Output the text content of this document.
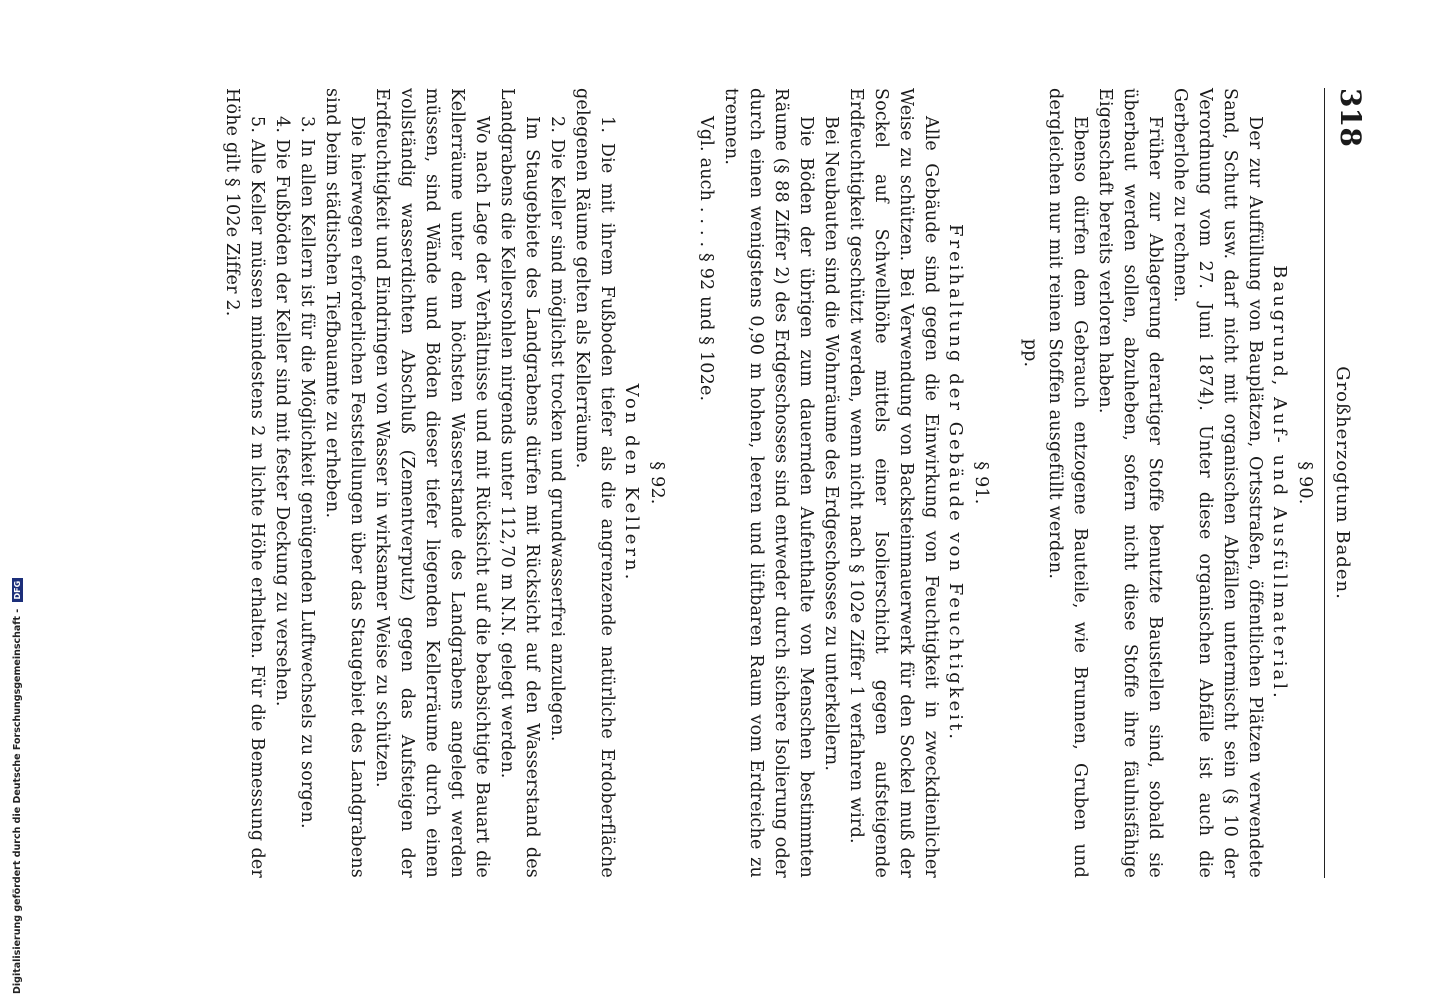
318
Großherzogtum Baden.

§ 90.

Baugrund, Auf- und Ausfüllmaterial.

Der zur Auffüllung von Bauplätzen, Ortsstraßen, öffentlichen Plätzen verwendete Sand, Schutt usw. darf nicht mit organischen Abfällen untermischt sein (§ 10 der Verordnung vom 27. Juni 1874). Unter diese organischen Abfälle ist auch die Gerberlohe zu rechnen.

Früher zur Ablagerung derartiger Stoffe benutzte Baustellen sind, sobald sie überbaut werden sollen, abzuheben, sofern nicht diese Stoffe ihre fäulnisfähige Eigenschaft bereits verloren haben.

Ebenso dürfen dem Gebrauch entzogene Bauteile, wie Brunnen, Gruben und dergleichen nur mit reinen Stoffen ausgefüllt werden.

pp.

§ 91.

Freihaltung der Gebäude von Feuchtigkeit.

Alle Gebäude sind gegen die Einwirkung von Feuchtigkeit in zweckdienlicher Weise zu schützen. Bei Verwendung von Backsteinmauerwerk für den Sockel muß der Sockel auf Schwellhöhe mittels einer Isolierschicht gegen aufsteigende Erdfeuchtigkeit geschützt werden, wenn nicht nach § 102e Ziffer 1 verfahren wird.

Bei Neubauten sind die Wohnräume des Erdgeschosses zu unterkellern.

Die Böden der übrigen zum dauernden Aufenthalte von Menschen bestimmten Räume (§ 88 Ziffer 2) des Erdgeschosses sind entweder durch sichere Isolierung oder durch einen wenigstens 0,90 m hohen, leeren und lüftbaren Raum vom Erdreiche zu trennen.

Vgl. auch . . . . § 92 und § 102e.

§ 92.

Von den Kellern.

1. Die mit ihrem Fußboden tiefer als die angrenzende natürliche Erdoberfläche gelegenen Räume gelten als Kellerräume.

2. Die Keller sind möglichst trocken und grundwasserfrei anzulegen.

Im Staugebiete des Landgrabens dürfen mit Rücksicht auf den Wasserstand des Landgrabens die Kellersohlen nirgends unter 112,70 m N.N. gelegt werden.

Wo nach Lage der Verhältnisse und mit Rücksicht auf die beabsichtigte Bauart die Kellerräume unter dem höchsten Wasserstande des Landgrabens angelegt werden müssen, sind Wände und Böden dieser tiefer liegenden Kellerräume durch einen vollständig wasserdichten Abschluß (Zementverputz) gegen das Aufsteigen der Erdfeuchtigkeit und Eindringen von Wasser in wirksamer Weise zu schützen.

Die hierwegen erforderlichen Feststellungen über das Staugebiet des Landgrabens sind beim städtischen Tiefbauamte zu erheben.

3. In allen Kellern ist für die Möglichkeit genügenden Luftwechsels zu sorgen.

4. Die Fußböden der Keller sind mit fester Deckung zu versehen.

5. Alle Keller müssen mindestens 2 m lichte Höhe erhalten. Für die Bemessung der Höhe gilt § 102e Ziffer 2.

Digitalisierung gefördert durch die Deutsche Forschungsgemeinschaft - DFG
